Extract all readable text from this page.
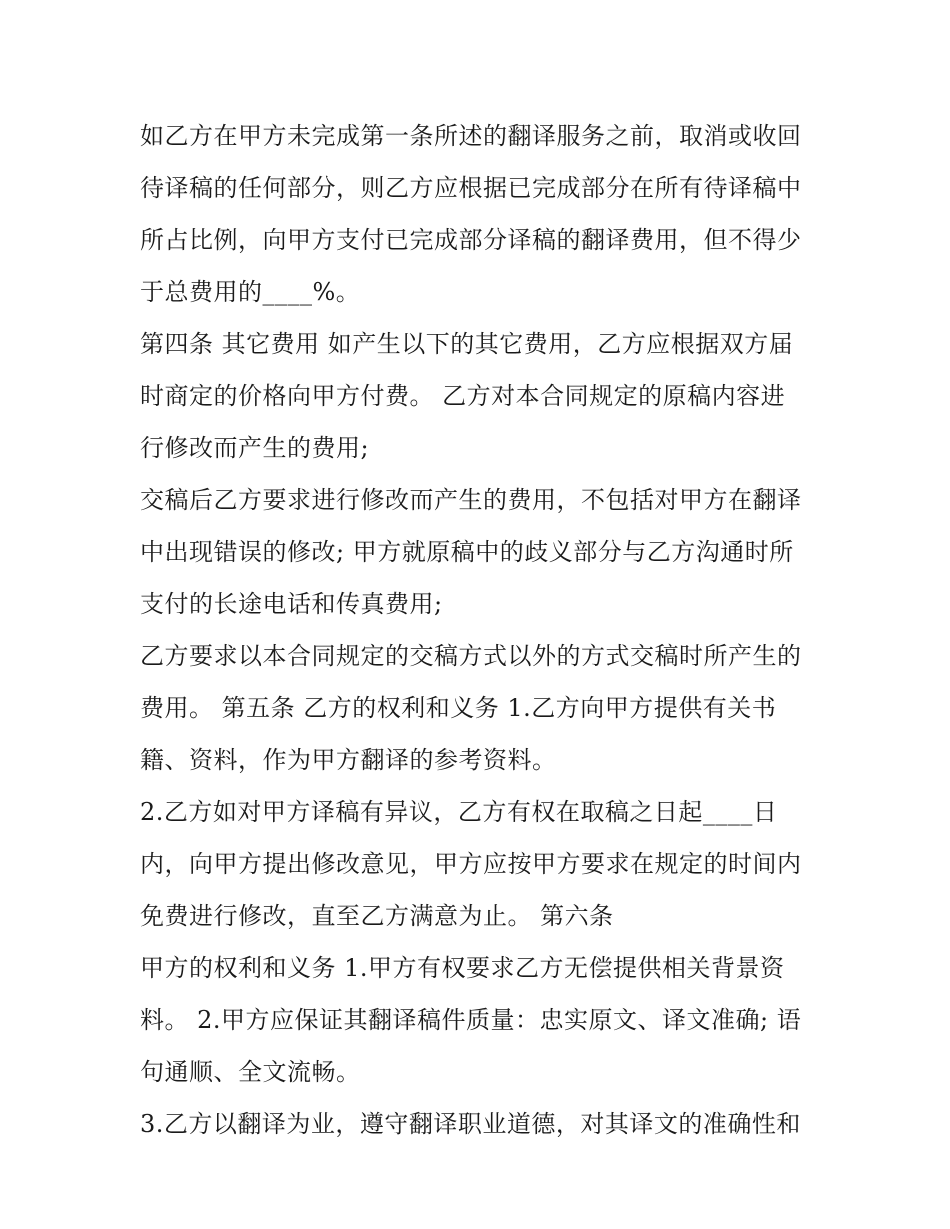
如乙方在甲方未完成第一条所述的翻译服务之前，取消或收回
待译稿的任何部分，则乙方应根据已完成部分在所有待译稿中
所占比例，向甲方支付已完成部分译稿的翻译费用，但不得少
于总费用的____%。
第四条 其它费用 如产生以下的其它费用，乙方应根据双方届
时商定的价格向甲方付费。 乙方对本合同规定的原稿内容进
行修改而产生的费用;
交稿后乙方要求进行修改而产生的费用，不包括对甲方在翻译
中出现错误的修改; 甲方就原稿中的歧义部分与乙方沟通时所
支付的长途电话和传真费用;
乙方要求以本合同规定的交稿方式以外的方式交稿时所产生的
费用。 第五条 乙方的权利和义务 1.乙方向甲方提供有关书
籍、资料，作为甲方翻译的参考资料。
2.乙方如对甲方译稿有异议，乙方有权在取稿之日起____日
内，向甲方提出修改意见，甲方应按甲方要求在规定的时间内
免费进行修改，直至乙方满意为止。 第六条
甲方的权利和义务 1.甲方有权要求乙方无偿提供相关背景资
料。 2.甲方应保证其翻译稿件质量：忠实原文、译文准确; 语
句通顺、全文流畅。
3.乙方以翻译为业，遵守翻译职业道德，对其译文的准确性和
